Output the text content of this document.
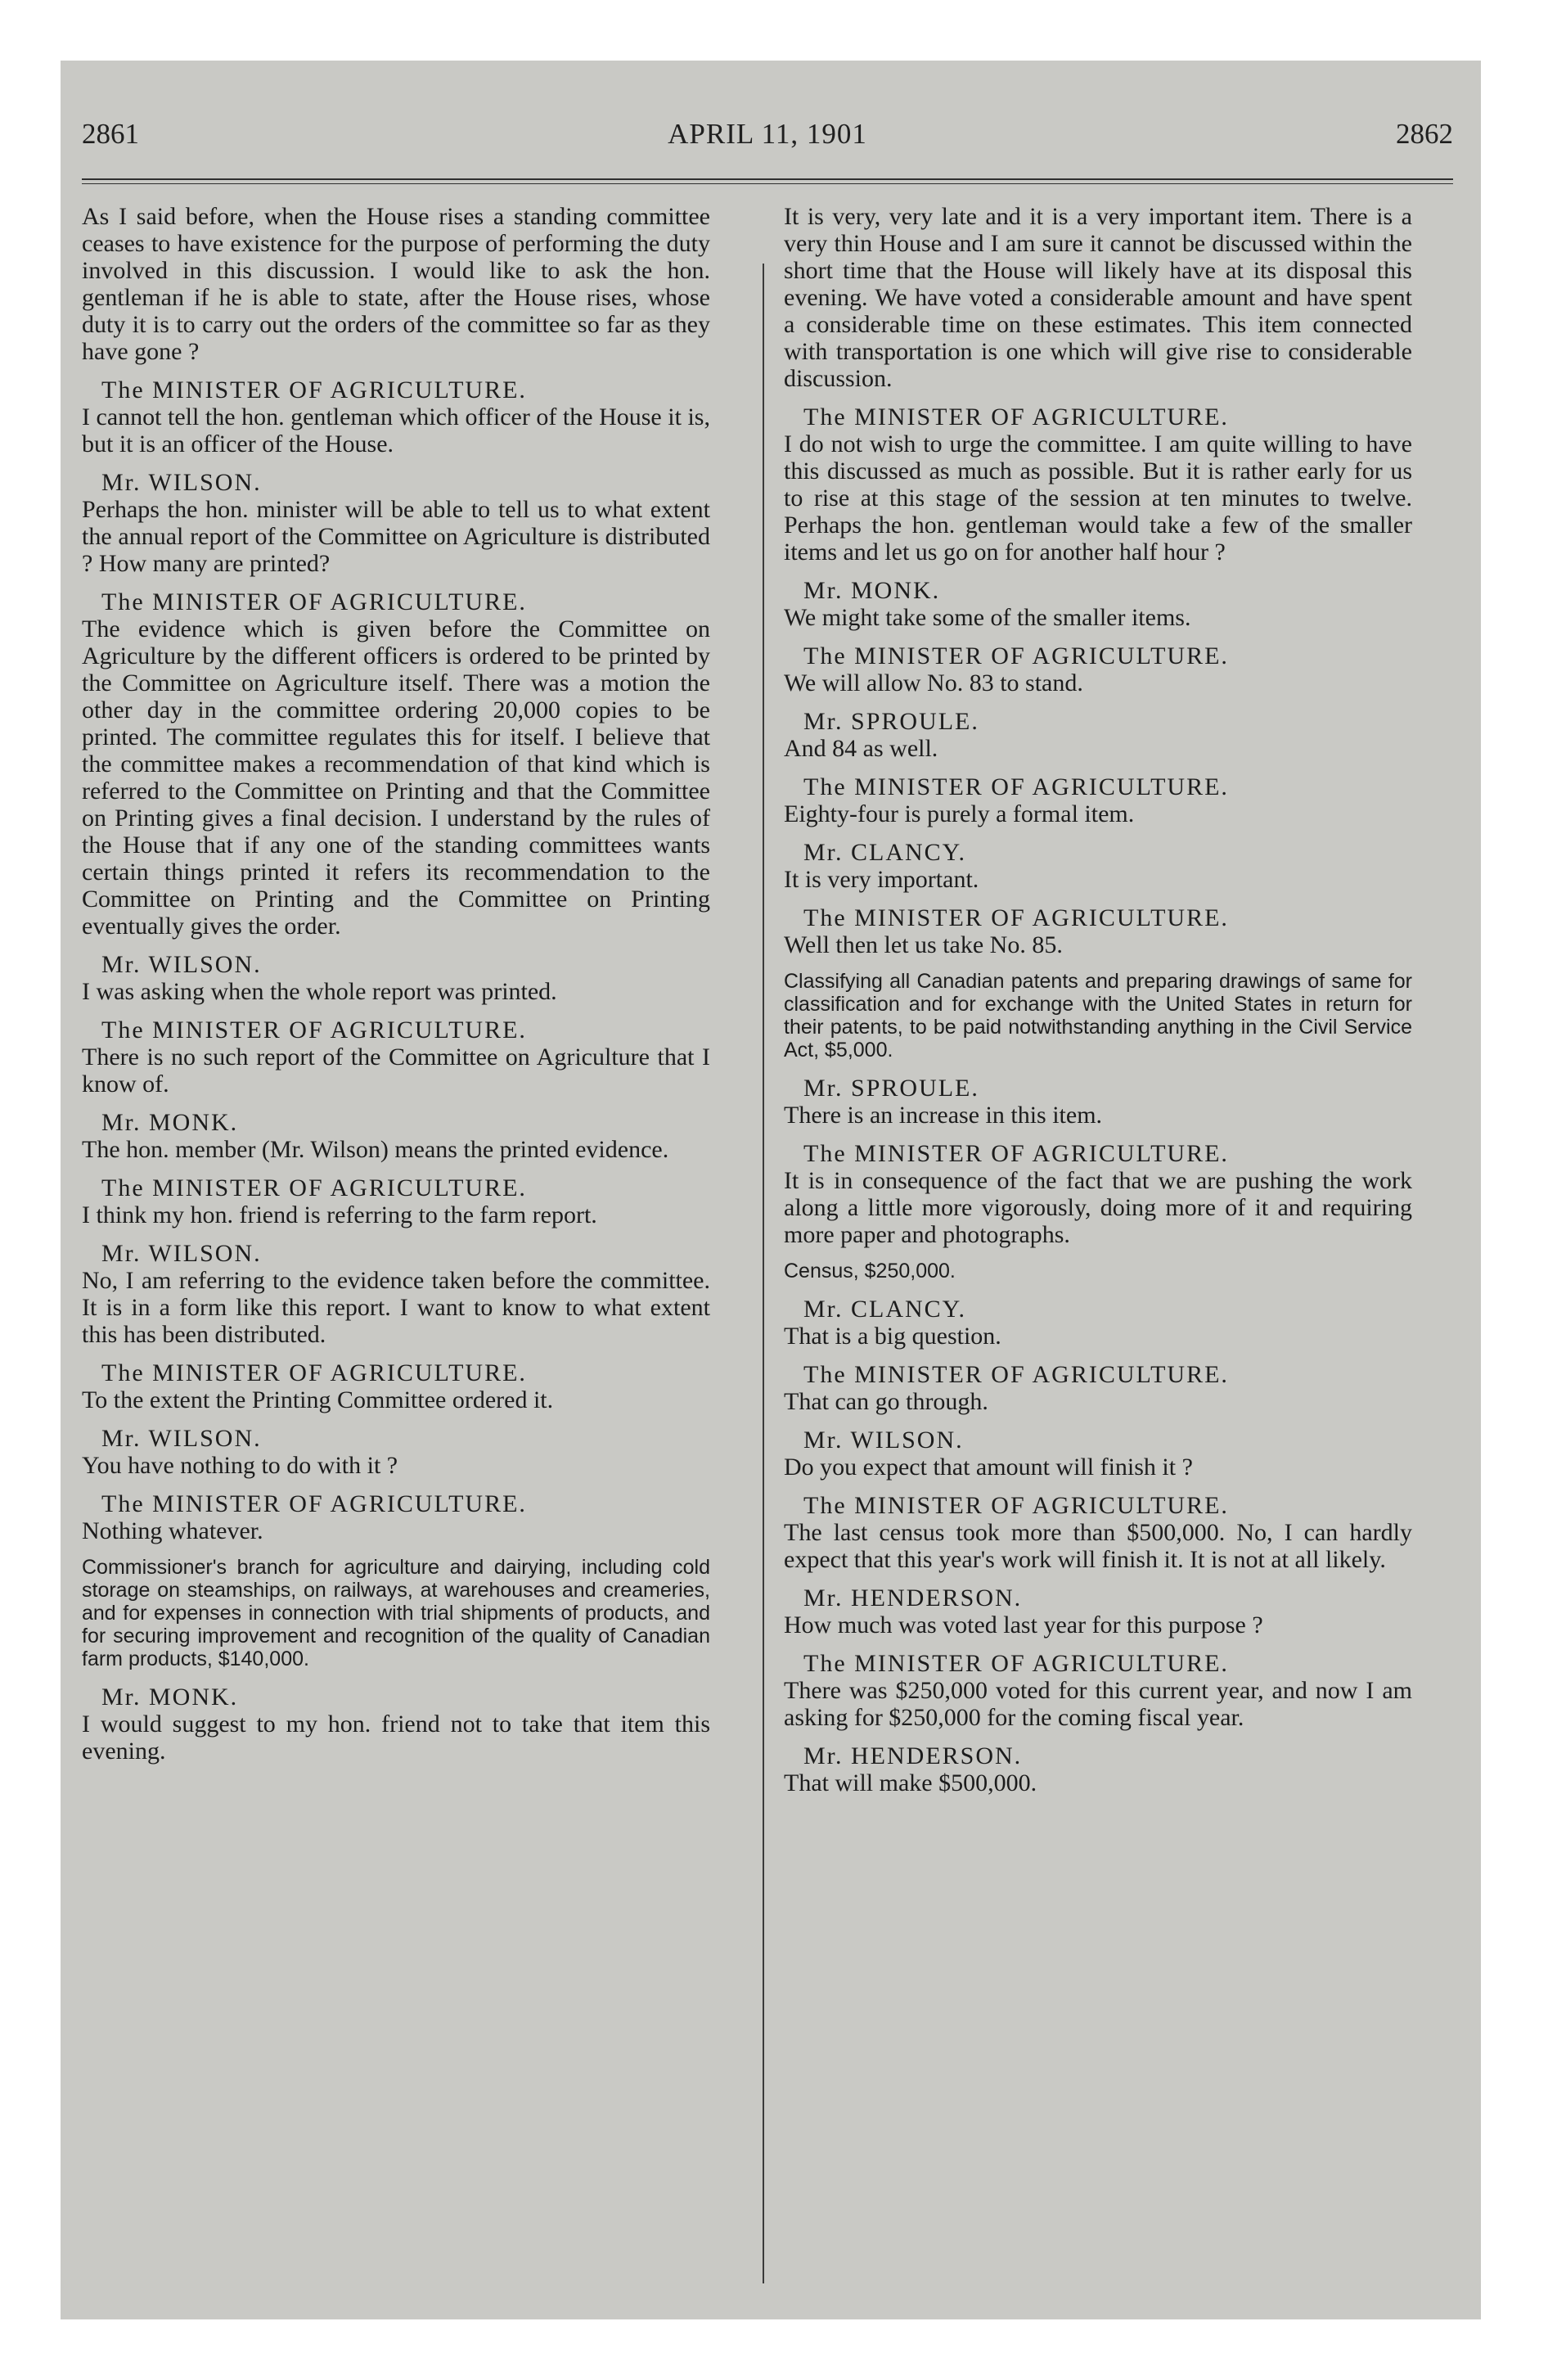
2861	APRIL 11, 1901	2862

As I said before, when the House rises a standing committee ceases to have existence for the purpose of performing the duty involved in this discussion. I would like to ask the hon. gentleman if he is able to state, after the House rises, whose duty it is to carry out the orders of the committee so far as they have gone ?

The MINISTER OF AGRICULTURE.

I cannot tell the hon. gentleman which officer of the House it is, but it is an officer of the House.

Mr. WILSON.

Perhaps the hon. minister will be able to tell us to what extent the annual report of the Committee on Agriculture is distributed ? How many are printed?

The MINISTER OF AGRICULTURE.

The evidence which is given before the Committee on Agriculture by the different officers is ordered to be printed by the Committee on Agriculture itself. There was a motion the other day in the committee ordering 20,000 copies to be printed. The committee regulates this for itself. I believe that the committee makes a recommendation of that kind which is referred to the Committee on Printing and that the Committee on Printing gives a final decision. I understand by the rules of the House that if any one of the standing committees wants certain things printed it refers its recommendation to the Committee on Printing and the Committee on Printing eventually gives the order.

Mr. WILSON.

I was asking when the whole report was printed.

The MINISTER OF AGRICULTURE.

There is no such report of the Committee on Agriculture that I know of.

Mr. MONK.

The hon. member (Mr. Wilson) means the printed evidence.

The MINISTER OF AGRICULTURE.

I think my hon. friend is referring to the farm report.

Mr. WILSON.

No, I am referring to the evidence taken before the committee. It is in a form like this report. I want to know to what extent this has been distributed.

The MINISTER OF AGRICULTURE.

To the extent the Printing Committee ordered it.

Mr. WILSON.

You have nothing to do with it ?

The MINISTER OF AGRICULTURE.

Nothing whatever.

Commissioner's branch for agriculture and dairying, including cold storage on steamships, on railways, at warehouses and creameries, and for expenses in connection with trial shipments of products, and for securing improvement and recognition of the quality of Canadian farm products, $140,000.

Mr. MONK.

I would suggest to my hon. friend not to take that item this evening.

It is very, very late and it is a very important item. There is a very thin House and I am sure it cannot be discussed within the short time that the House will likely have at its disposal this evening. We have voted a considerable amount and have spent a considerable time on these estimates. This item connected with transportation is one which will give rise to considerable discussion.

The MINISTER OF AGRICULTURE.

I do not wish to urge the committee. I am quite willing to have this discussed as much as possible. But it is rather early for us to rise at this stage of the session at ten minutes to twelve. Perhaps the hon. gentleman would take a few of the smaller items and let us go on for another half hour ?

Mr. MONK.

We might take some of the smaller items.

The MINISTER OF AGRICULTURE.

We will allow No. 83 to stand.

Mr. SPROULE.

And 84 as well.

The MINISTER OF AGRICULTURE.

Eighty-four is purely a formal item.

Mr. CLANCY.

It is very important.

The MINISTER OF AGRICULTURE.

Well then let us take No. 85.

Classifying all Canadian patents and preparing drawings of same for classification and for exchange with the United States in return for their patents, to be paid notwithstanding anything in the Civil Service Act, $5,000.

Mr. SPROULE.

There is an increase in this item.

The MINISTER OF AGRICULTURE.

It is in consequence of the fact that we are pushing the work along a little more vigorously, doing more of it and requiring more paper and photographs.

Census, $250,000.

Mr. CLANCY.

That is a big question.

The MINISTER OF AGRICULTURE.

That can go through.

Mr. WILSON.

Do you expect that amount will finish it ?

The MINISTER OF AGRICULTURE.

The last census took more than $500,000. No, I can hardly expect that this year's work will finish it. It is not at all likely.

Mr. HENDERSON.

How much was voted last year for this purpose ?

The MINISTER OF AGRICULTURE.

There was $250,000 voted for this current year, and now I am asking for $250,000 for the coming fiscal year.

Mr. HENDERSON.

That will make $500,000.
